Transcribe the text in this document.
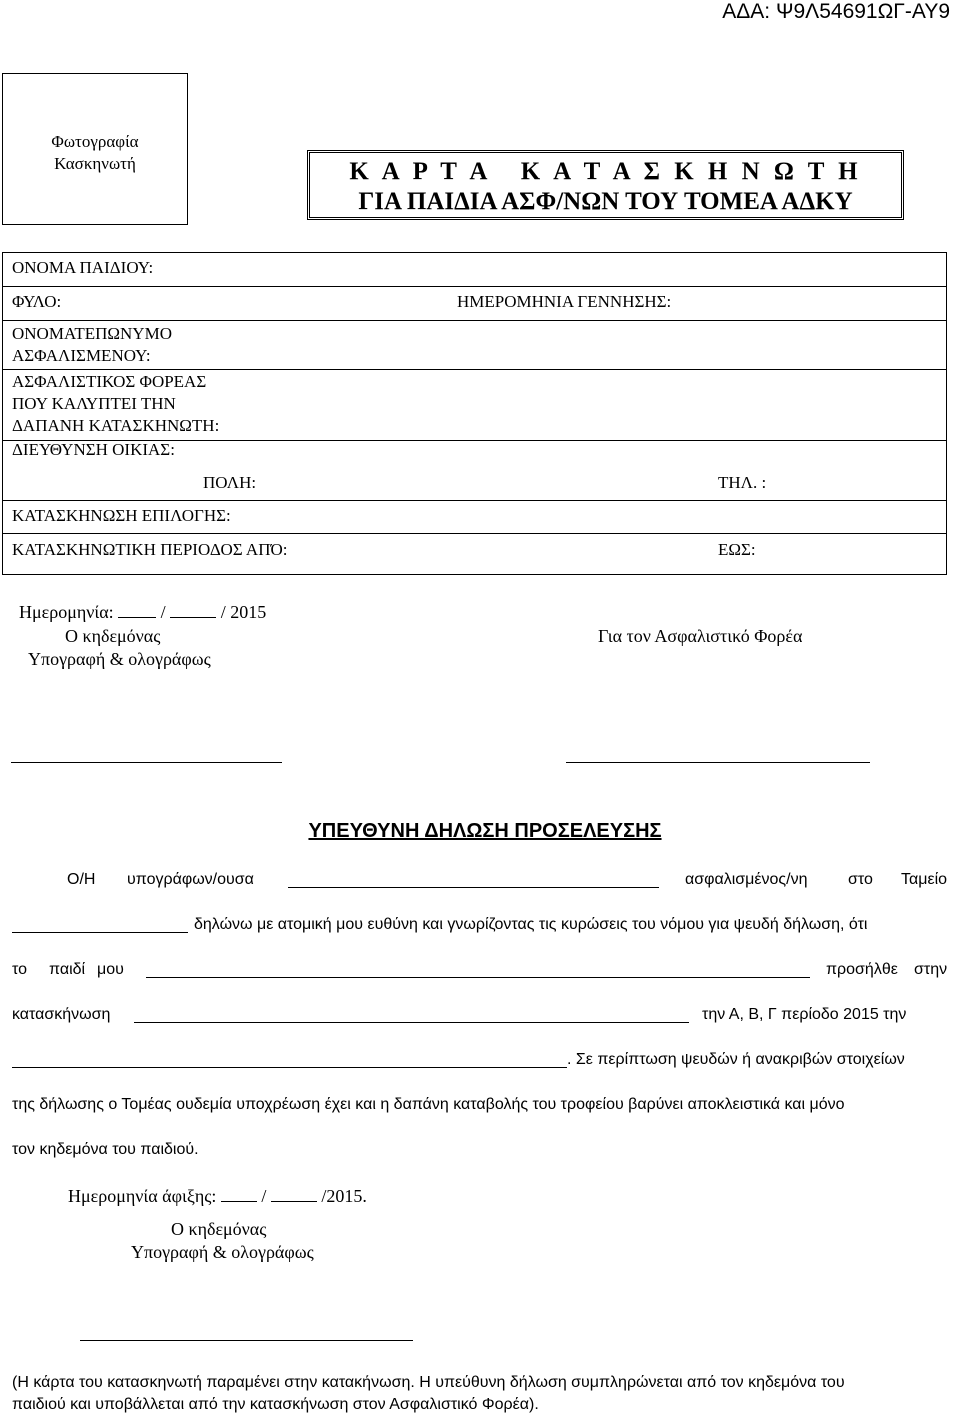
ΑΔΑ: Ψ9Λ54691ΩΓ-ΑΥ9
Φωτογραφία
Κασκηνωτή	Κ Α Ρ Τ Α   Κ Α Τ Α Σ Κ Η Ν Ω Τ Η
ΓΙΑ ΠΑΙΔΙΑ ΑΣΦ/ΝΩΝ ΤΟΥ ΤΟΜΕΑ ΑΔΚΥ
ΟΝΟΜΑ ΠΑΙΔΙΟΥ:
ΦΥΛΟ:	ΗΜΕΡΟΜΗΝΙΑ ΓΕΝΝΗΣΗΣ:
ΟΝΟΜΑΤΕΠΩΝΥΜΟ
ΑΣΦΑΛΙΣΜΕΝΟΥ:
ΑΣΦΑΛΙΣΤΙΚΟΣ ΦΟΡΕΑΣ
ΠΟΥ ΚΑΛΥΠΤΕΙ ΤΗΝ
ΔΑΠΑΝΗ ΚΑΤΑΣΚΗΝΩΤΗ:
ΔΙΕΥΘΥΝΣΗ ΟΙΚΙΑΣ:
ΠΟΛΗ:	ΤΗΛ. :
ΚΑΤΑΣΚΗΝΩΣΗ ΕΠΙΛΟΓΗΣ:
ΚΑΤΑΣΚΗΝΩΤΙΚΗ ΠΕΡΙΟΔΟΣ ΑΠΌ:	ΕΩΣ:
Ημερομηνία:	/	/ 2015
Ο κηδεμόνας
Υπογραφή & ολογράφως
Για τον Ασφαλιστικό Φορέα
ΥΠΕΥΘΥΝΗ ΔΗΛΩΣΗ ΠΡΟΣΕΛΕΥΣΗΣ
Ο/Η υπογράφων/ουσα	ασφαλισμένος/νη	στο Ταμείο
δηλώνω με ατομική μου ευθύνη και γνωρίζοντας τις κυρώσεις του νόμου για ψευδή δήλωση, ότι
το παιδί μου	προσήλθε στην
κατασκήνωση	την Α, Β, Γ περίοδο 2015 την
. Σε περίπτωση ψευδών ή ανακριβών στοιχείων
της δήλωσης ο Τομέας ουδεμία υποχρέωση έχει και η δαπάνη καταβολής του τροφείου βαρύνει αποκλειστικά και μόνο
τον κηδεμόνα του παιδιού.
Ημερομηνία άφιξης:	/	/2015.
Ο κηδεμόνας
Υπογραφή & ολογράφως
(Η κάρτα του κατασκηνωτή παραμένει στην κατακήνωση. Η υπεύθυνη δήλωση συμπληρώνεται από τον κηδεμόνα του
παιδιού και υποβάλλεται από την κατασκήνωση στον Ασφαλιστικό Φορέα).
